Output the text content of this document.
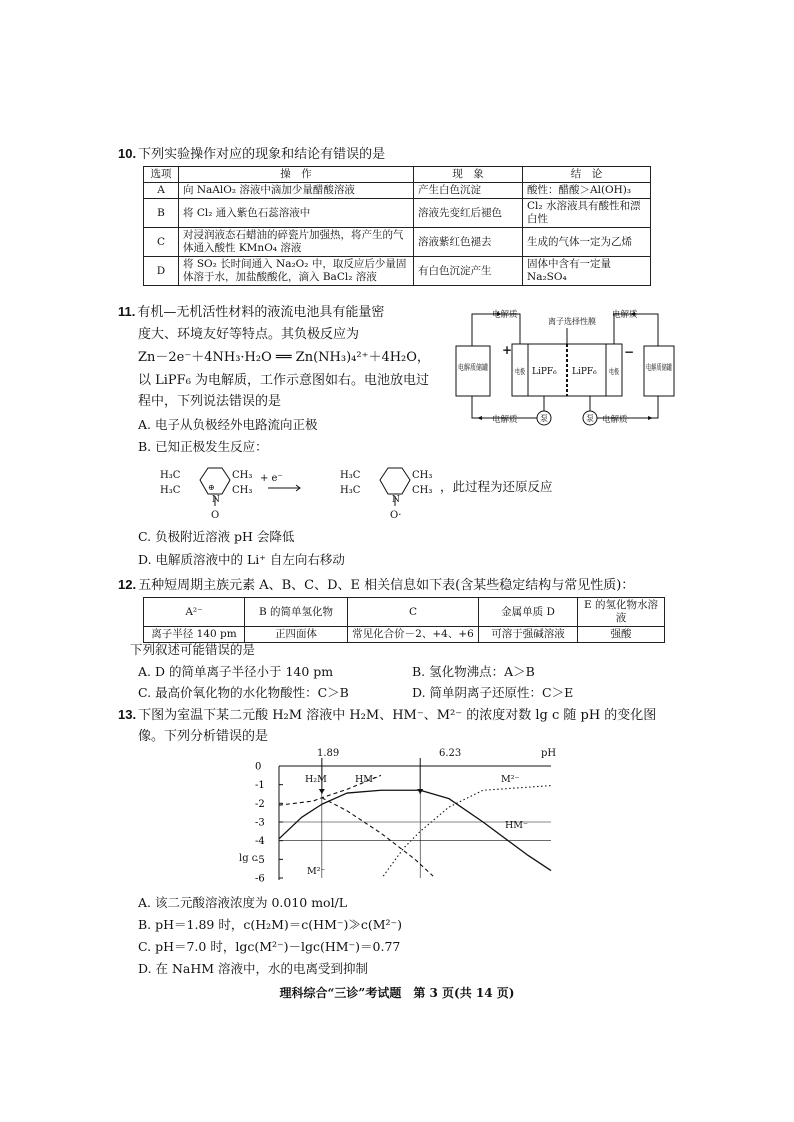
10. 下列实验操作对应的现象和结论有错误的是
选项	操　作	现　象	结　论
A	向 NaAlO₂ 溶液中滴加少量醋酸溶液	产生白色沉淀	酸性：醋酸＞Al(OH)₃
B	将 Cl₂ 通入紫色石蕊溶液中	溶液先变红后褪色	Cl₂ 水溶液具有酸性和漂白性
C	对浸润液态石蜡油的碎瓷片加强热，将产生的气体通入酸性 KMnO₄ 溶液	溶液紫红色褪去	生成的气体一定为乙烯
D	将 SO₂ 长时间通入 Na₂O₂ 中，取反应后少量固体溶于水，加盐酸酸化，滴入 BaCl₂ 溶液	有白色沉淀产生	固体中含有一定量 Na₂SO₄
11. 有机—无机活性材料的液流电池具有能量密
度大、环境友好等特点。其负极反应为
Zn－2e⁻＋4NH₃·H₂O ══ Zn(NH₃)₄²⁺＋4H₂O，
以 LiPF₆ 为电解质，工作示意图如右。电池放电过
程中，下列说法错误的是
A. 电子从负极经外电路流向正极
B. 已知正极发生反应：
H₃C
H₃C
CH₃
CH₃
⊕
N
O
+ e⁻	H₃C
H₃C
CH₃
CH₃
N
O·
，此过程为还原反应
C. 负极附近溶液 pH 会降低
D. 电解质溶液中的 Li⁺ 自左向右移动
电解质	电解质
电解质	电解质
离子选择性膜
LiPF₆ LiPF₆
+	−
泵	泵
电解质储罐	电解质储罐
电极	电极
12. 五种短周期主族元素 A、B、C、D、E 相关信息如下表(含某些稳定结构与常见性质)：
A²⁻	B 的简单氢化物	C	金属单质 D	E 的氢化物水溶液
离子半径 140 pm	正四面体	常见化合价－2、+4、+6	可溶于强碱溶液	强酸
下列叙述可能错误的是
A. D 的简单离子半径小于 140 pm	B. 氢化物沸点：A＞B
C. 最高价氧化物的水化物酸性：C＞B	D. 简单阴离子还原性：C＞E
13. 下图为室温下某二元酸 H₂M 溶液中 H₂M、HM⁻、M²⁻ 的浓度对数 lg c 随 pH 的变化图
像。下列分析错误的是
0
-1
-2
-3
-4
-5
-6
pH
lg c
H₂M	HM⁻	M²⁻
HM⁻
M²⁻
1.89	6.23
A. 该二元酸溶液浓度为 0.010 mol/L
B. pH＝1.89 时，c(H₂M)＝c(HM⁻)≫c(M²⁻)
C. pH＝7.0 时，lgc(M²⁻)－lgc(HM⁻)＝0.77
D. 在 NaHM 溶液中，水的电离受到抑制
理科综合“三诊”考试题　第 3 页(共 14 页)
